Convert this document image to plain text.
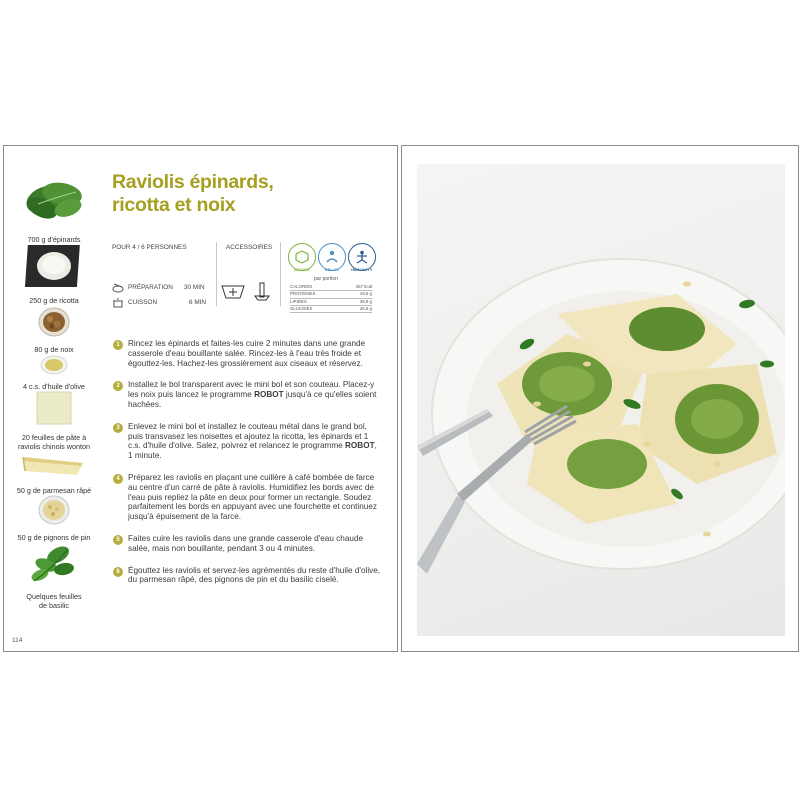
700 g d'épinards
250 g de ricotta
80 g de noix
4 c.s. d'huile d'olive
20 feuilles de pâte à
raviolis chinois wonton
50 g de parmesan râpé
50 g de pignons de pin
Quelques feuilles
de basilic
Raviolis épinards,
ricotta et noix
POUR 4 / 6 PERSONNES	ACCESSOIRES
PRÉPARATION 30 MIN
CUISSON	6 MIN
ANTIOX	RELAX	IMMUNITY
par portion
CALORIES	457 kcal
PROTÉINES	19,5 g
LIPIDES	38,9 g
GLUCIDES	26,6 g
1	Rincez les épinards et faites-les cuire 2 minutes dans une grande casserole d'eau bouillante salée. Rincez-les à l'eau très froide et égouttez-les. Hachez-les grossièrement aux ciseaux et réservez.
2	Installez le bol transparent avec le mini bol et son couteau. Placez-y les noix puis lancez le programme ROBOT jusqu'à ce qu'elles soient hachées.
3	Enlevez le mini bol et installez le couteau métal dans le grand bol, puis transvasez les noisettes et ajoutez la ricotta, les épinards et 1 c.s. d'huile d'olive. Salez, poivrez et relancez le programme ROBOT, 1 minute.
4	Préparez les raviolis en plaçant une cuillère à café bombée de farce au centre d'un carré de pâte à raviolis. Humidifiez les bords avec de l'eau puis repliez la pâte en deux pour former un rectangle. Soudez parfaitement les bords en appuyant avec une fourchette et continuez jusqu'à épuisement de la farce.
5	Faites cuire les raviolis dans une grande casserole d'eau chaude salée, mais non bouillante, pendant 3 ou 4 minutes.
6	Égouttez les raviolis et servez-les agrémentés du reste d'huile d'olive, du parmesan râpé, des pignons de pin et du basilic ciselé.
114
